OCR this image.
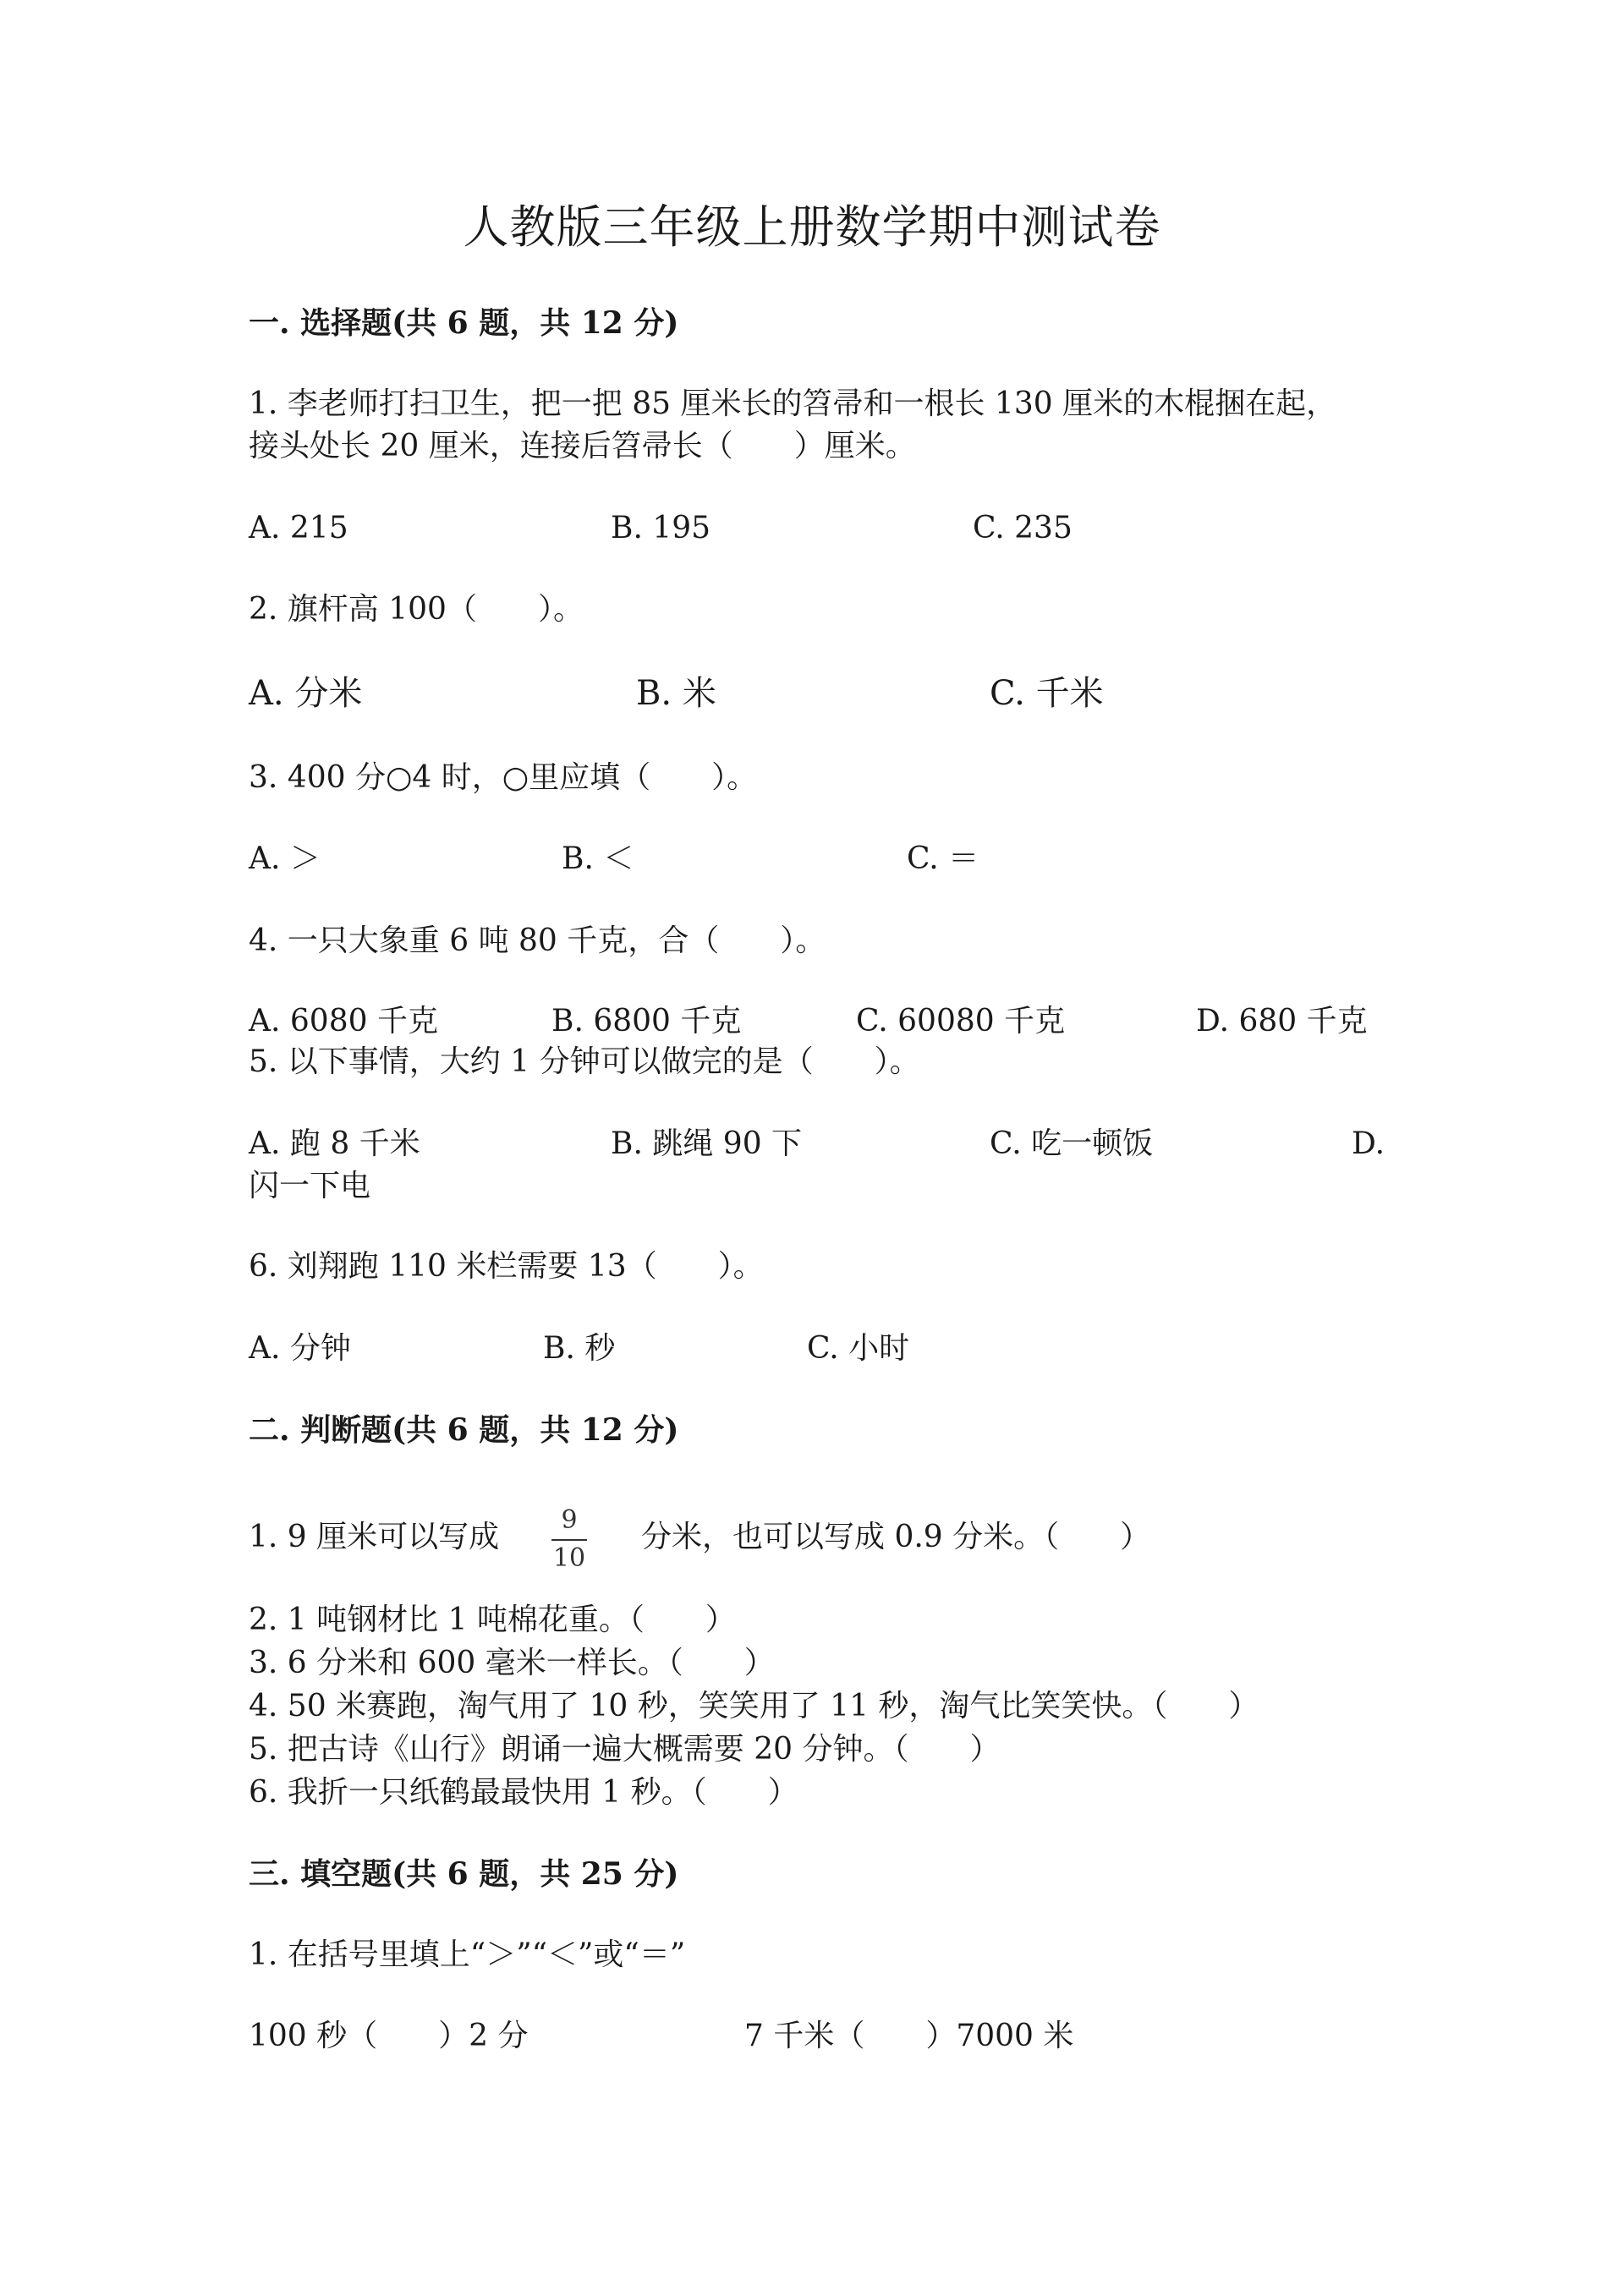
人教版三年级上册数学期中测试卷
一. 选择题(共 6 题，共 12 分)
1. 李老师打扫卫生，把一把 85 厘米长的笤帚和一根长 130 厘米的木棍捆在起，
接头处长 20 厘米，连接后笤帚长（　　）厘米。
A. 215	B. 195	C. 235
2. 旗杆高 100（　　）。
A. 分米	B. 米	C. 千米
3. 400 分○4 时，○里应填（　　）。
A. ＞	B. ＜	C. ＝
4. 一只大象重 6 吨 80 千克，合（　　）。
A. 6080 千克	B. 6800 千克	C. 60080 千克	D. 680 千克
5. 以下事情，大约 1 分钟可以做完的是（　　）。
A. 跑 8 千米	B. 跳绳 90 下	C. 吃一顿饭	D.
闪一下电
6. 刘翔跑 110 米栏需要 13（　　）。
A. 分钟	B. 秒	C. 小时
二. 判断题(共 6 题，共 12 分)
1. 9 厘米可以写成 9
10
分米，也可以写成 0.9 分米。（　　）
2. 1 吨钢材比 1 吨棉花重。（　　）
3. 6 分米和 600 毫米一样长。（　　）
4. 50 米赛跑，淘气用了 10 秒，笑笑用了 11 秒，淘气比笑笑快。（　　）
5. 把古诗《山行》朗诵一遍大概需要 20 分钟。（　　）
6. 我折一只纸鹤最最快用 1 秒。（　　）
三. 填空题(共 6 题，共 25 分)
1. 在括号里填上“＞”“＜”或“＝”
100 秒（　　）2 分	7 千米（　　）7000 米
